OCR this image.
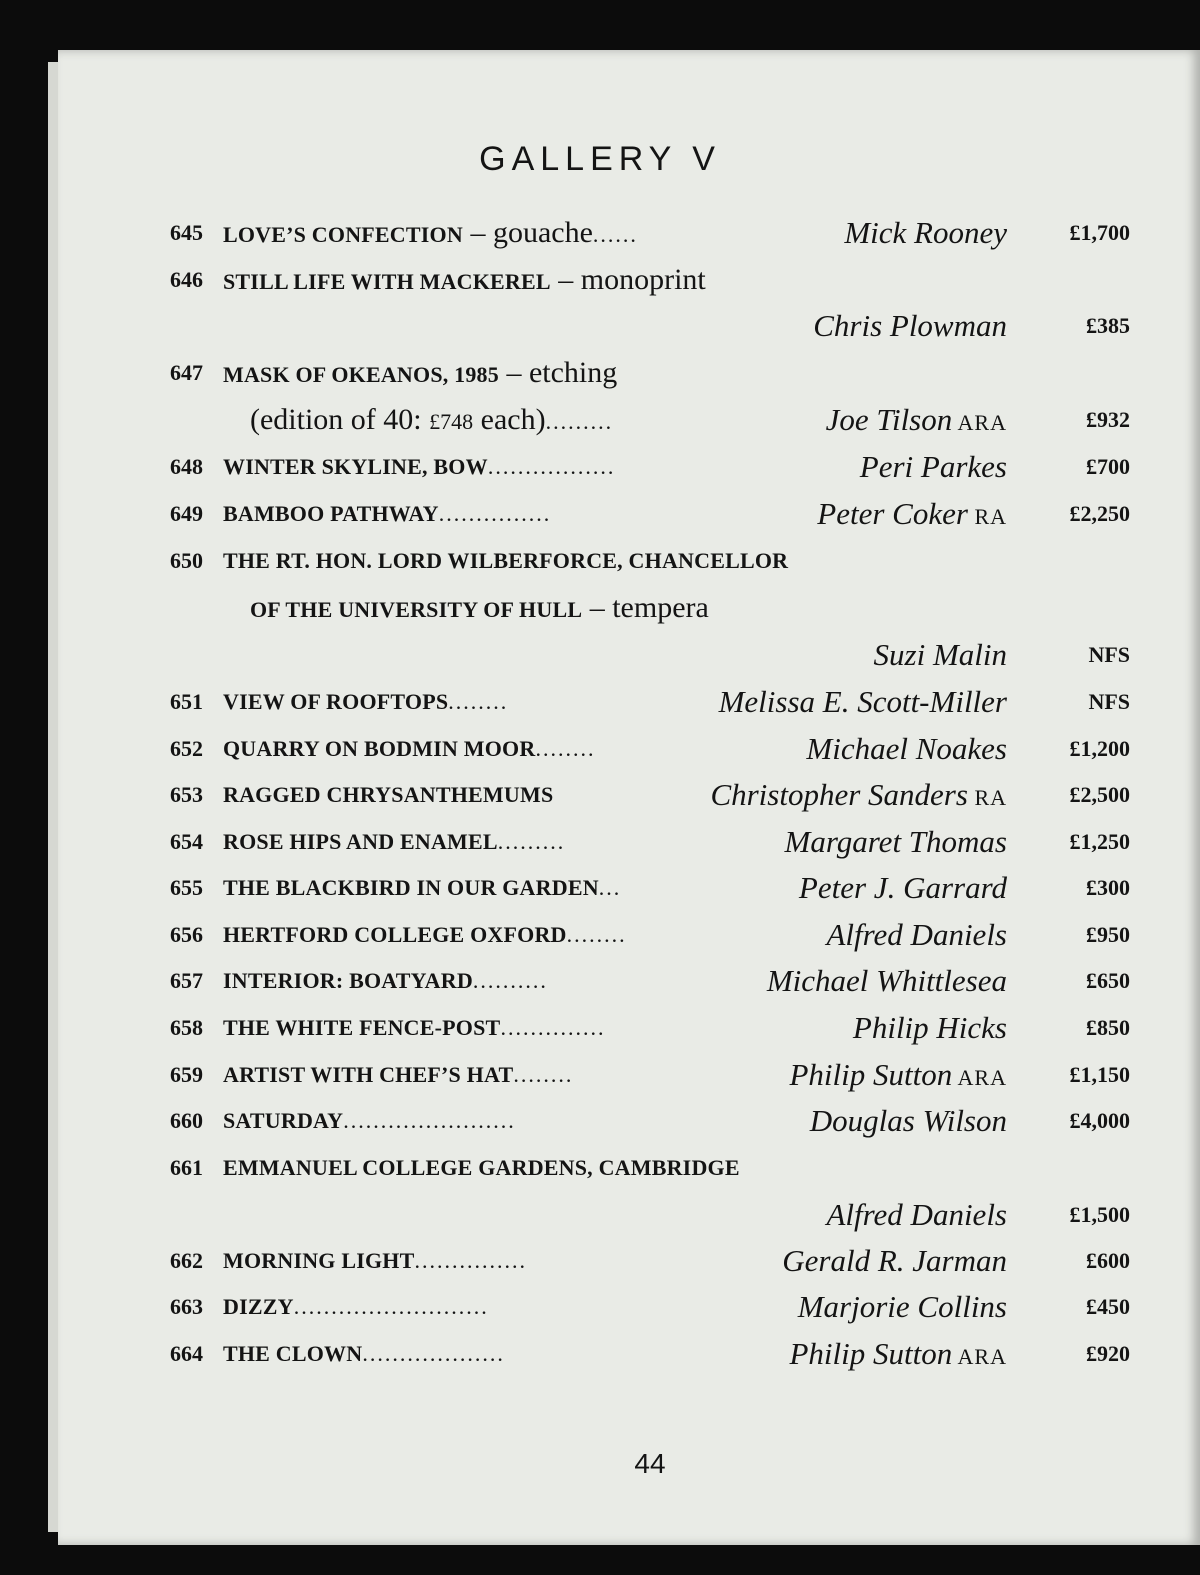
GALLERY V
645 LOVE’S CONFECTION – gouache......	Mick Rooney	£1,700
646 STILL LIFE WITH MACKEREL – monoprint
Chris Plowman	£385
647 MASK OF OKEANOS, 1985 – etching
(edition of 40: £748 each).........	Joe Tilson ARA	£932
648 WINTER SKYLINE, BOW.................	Peri Parkes	£700
649 BAMBOO PATHWAY...............	Peter Coker RA	£2,250
650 THE RT. HON. LORD WILBERFORCE, CHANCELLOR
OF THE UNIVERSITY OF HULL – tempera
Suzi Malin	NFS
651 VIEW OF ROOFTOPS........	Melissa E. Scott-Miller	NFS
652 QUARRY ON BODMIN MOOR........	Michael Noakes	£1,200
653 RAGGED CHRYSANTHEMUMS	Christopher Sanders RA	£2,500
654 ROSE HIPS AND ENAMEL.........	Margaret Thomas	£1,250
655 THE BLACKBIRD IN OUR GARDEN...	Peter J. Garrard	£300
656 HERTFORD COLLEGE OXFORD........	Alfred Daniels	£950
657 INTERIOR: BOATYARD..........	Michael Whittlesea	£650
658 THE WHITE FENCE-POST..............	Philip Hicks	£850
659 ARTIST WITH CHEF’S HAT........	Philip Sutton ARA	£1,150
660 SATURDAY.......................	Douglas Wilson	£4,000
661 EMMANUEL COLLEGE GARDENS, CAMBRIDGE
Alfred Daniels	£1,500
662 MORNING LIGHT...............	Gerald R. Jarman	£600
663 DIZZY..........................	Marjorie Collins	£450
664 THE CLOWN...................	Philip Sutton ARA	£920
44
